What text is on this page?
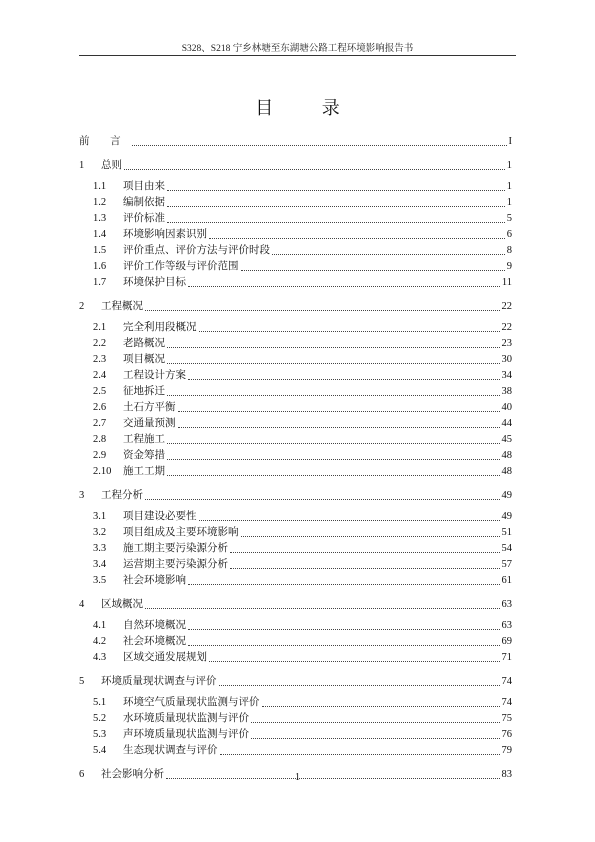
S328、S218 宁乡林塘至东湖塘公路工程环境影响报告书
目 录
前 言	I
1	总则	1
1.1	项目由来	1
1.2	编制依据	1
1.3	评价标准	5
1.4	环境影响因素识别	6
1.5	评价重点、评价方法与评价时段	8
1.6	评价工作等级与评价范围	9
1.7	环境保护目标	11
2	工程概况	22
2.1	完全利用段概况	22
2.2	老路概况	23
2.3	项目概况	30
2.4	工程设计方案	34
2.5	征地拆迁	38
2.6	土石方平衡	40
2.7	交通量预测	44
2.8	工程施工	45
2.9	资金筹措	48
2.10	施工工期	48
3	工程分析	49
3.1	项目建设必要性	49
3.2	项目组成及主要环境影响	51
3.3	施工期主要污染源分析	54
3.4	运营期主要污染源分析	57
3.5	社会环境影响	61
4	区域概况	63
4.1	自然环境概况	63
4.2	社会环境概况	69
4.3	区域交通发展规划	71
5	环境质量现状调查与评价	74
5.1	环境空气质量现状监测与评价	74
5.2	水环境质量现状监测与评价	75
5.3	声环境质量现状监测与评价	76
5.4	生态现状调查与评价	79
6	社会影响分析	83
1
